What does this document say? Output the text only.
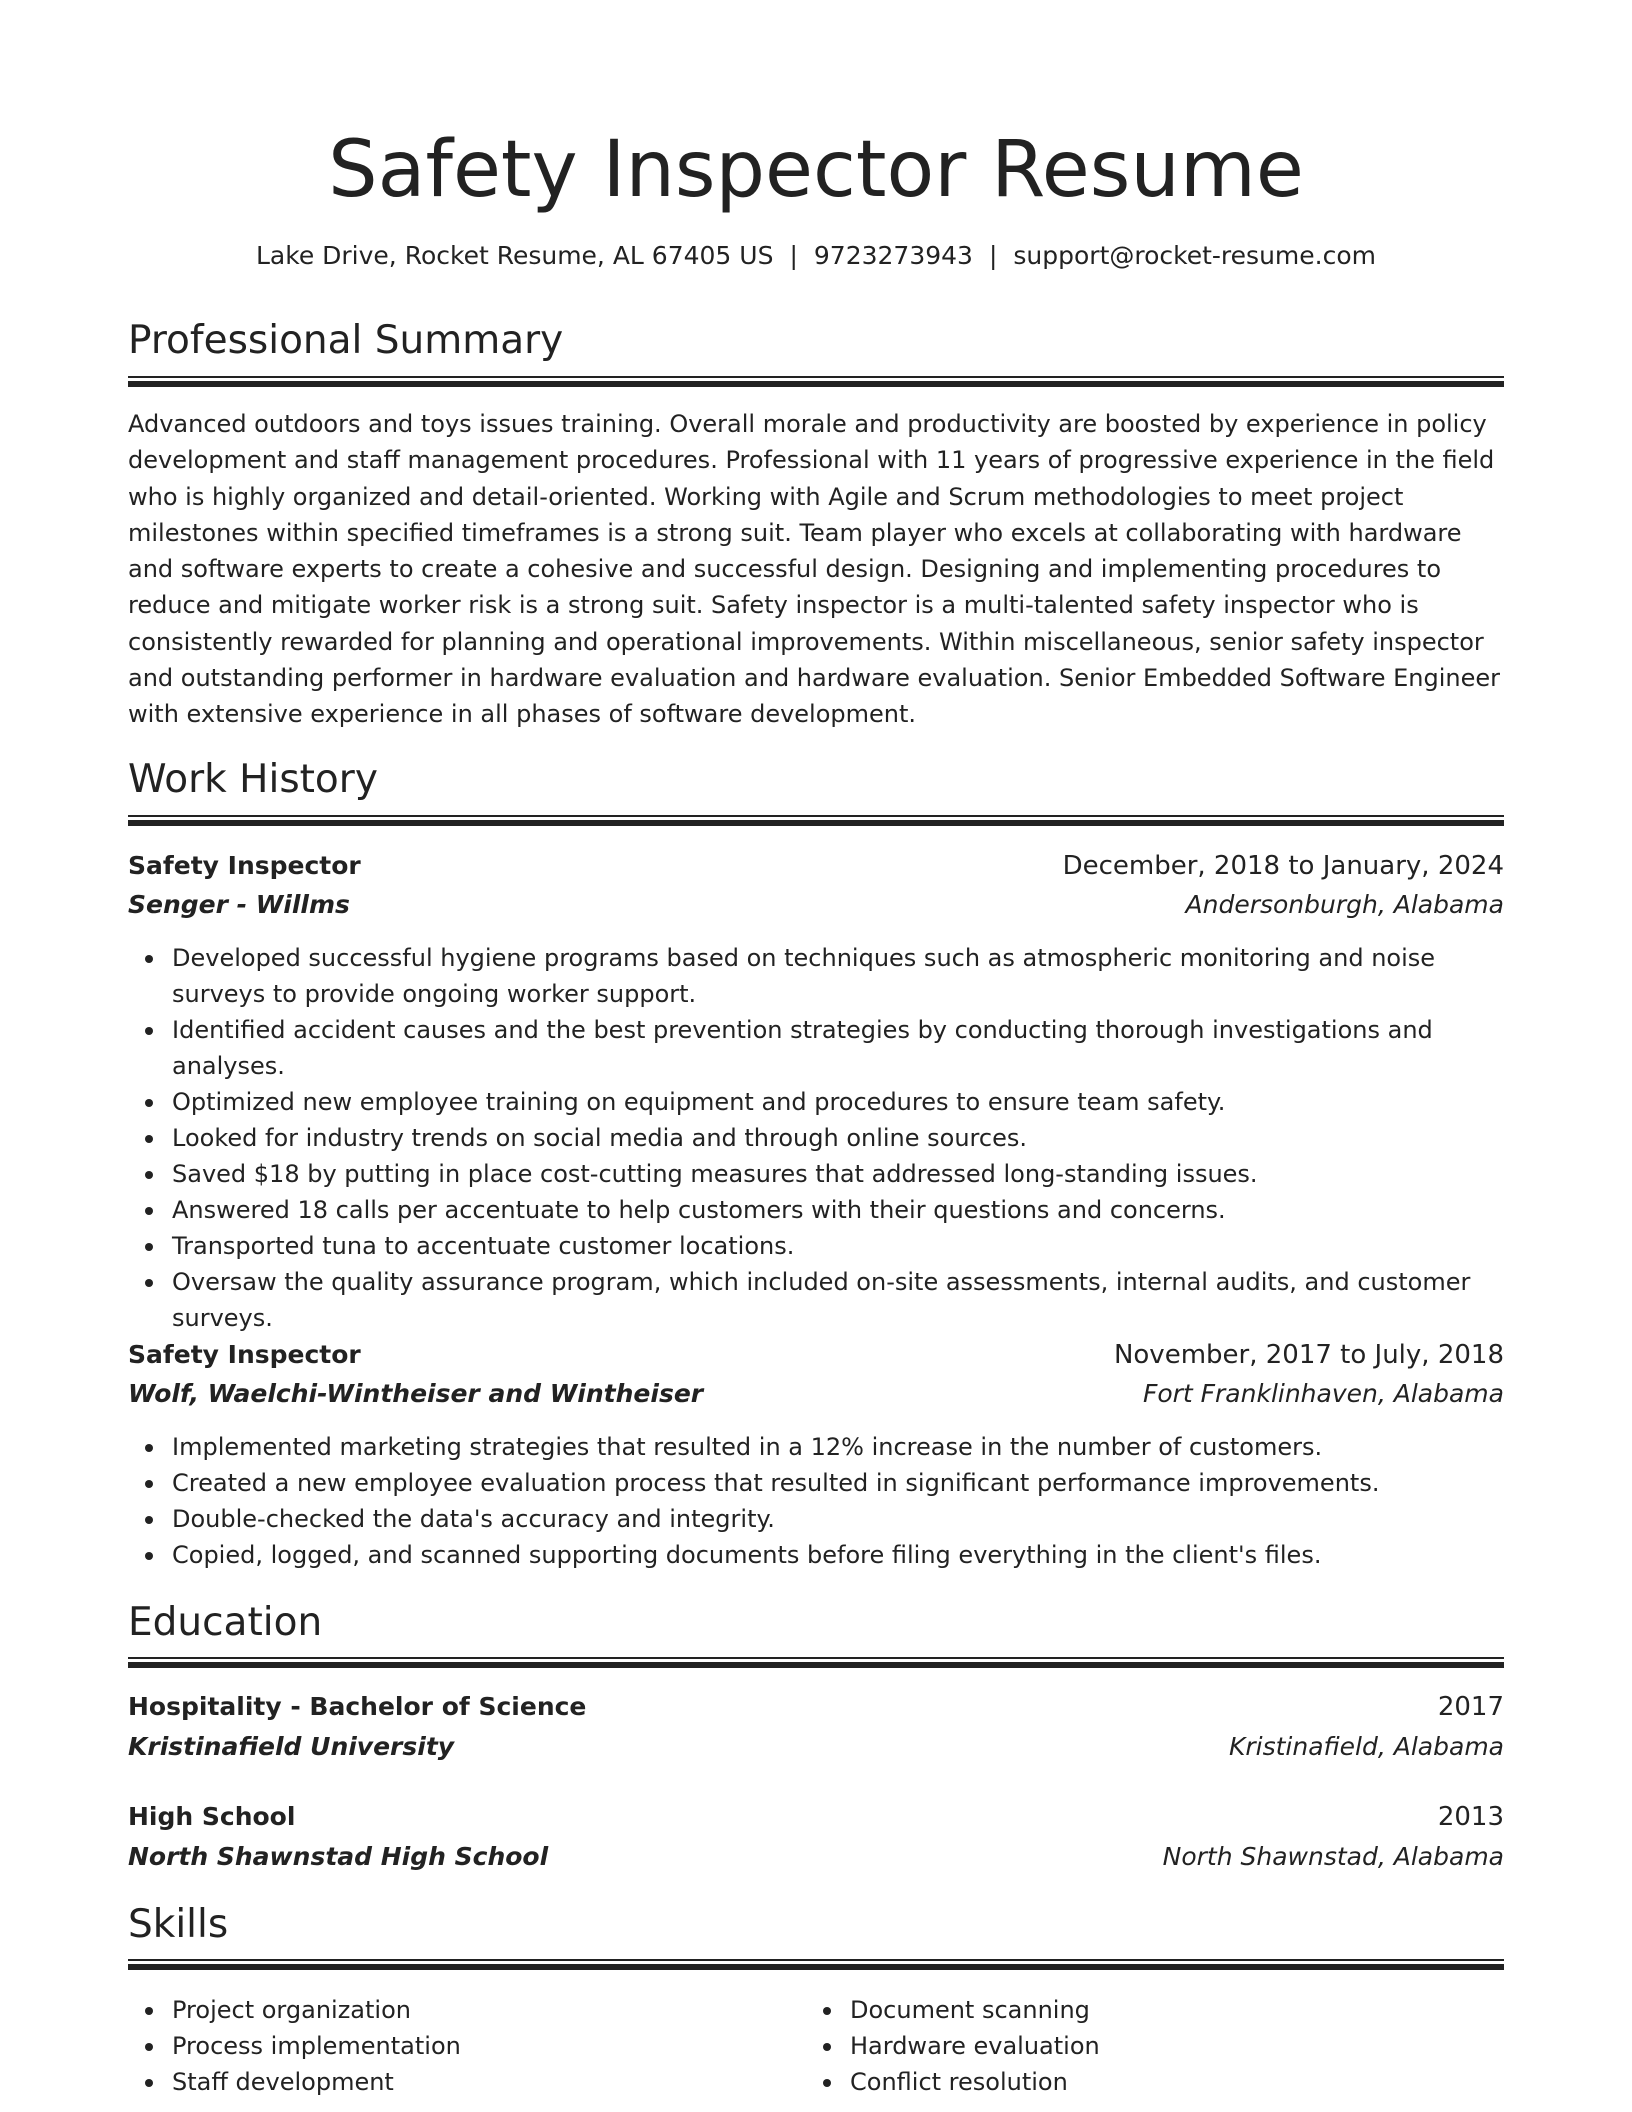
Safety Inspector Resume
Lake Drive, Rocket Resume, AL 67405 US | 9723273943 | support@rocket-resume.com
Professional Summary

Advanced outdoors and toys issues training. Overall morale and productivity are boosted by experience in policy development and staff management procedures. Professional with 11 years of progressive experience in the field who is highly organized and detail-oriented. Working with Agile and Scrum methodologies to meet project milestones within specified timeframes is a strong suit. Team player who excels at collaborating with hardware and software experts to create a cohesive and successful design. Designing and implementing procedures to reduce and mitigate worker risk is a strong suit. Safety inspector is a multi-talented safety inspector who is consistently rewarded for planning and operational improvements. Within miscellaneous, senior safety inspector and outstanding performer in hardware evaluation and hardware evaluation. Senior Embedded Software Engineer with extensive experience in all phases of software development.

Work History
Safety Inspector	December, 2018 to January, 2024
Senger - Willms	Andersonburgh, Alabama
Developed successful hygiene programs based on techniques such as atmospheric monitoring and noise surveys to provide ongoing worker support.
Identified accident causes and the best prevention strategies by conducting thorough investigations and analyses.
Optimized new employee training on equipment and procedures to ensure team safety.
Looked for industry trends on social media and through online sources.
Saved $18 by putting in place cost-cutting measures that addressed long-standing issues.
Answered 18 calls per accentuate to help customers with their questions and concerns.
Transported tuna to accentuate customer locations.
Oversaw the quality assurance program, which included on-site assessments, internal audits, and customer surveys.
Safety Inspector	November, 2017 to July, 2018
Wolf, Waelchi-Wintheiser and Wintheiser	Fort Franklinhaven, Alabama
Implemented marketing strategies that resulted in a 12% increase in the number of customers.
Created a new employee evaluation process that resulted in significant performance improvements.
Double-checked the data's accuracy and integrity.
Copied, logged, and scanned supporting documents before filing everything in the client's files.
Education
Hospitality - Bachelor of Science	2017
Kristinafield University	Kristinafield, Alabama
High School	2013
North Shawnstad High School	North Shawnstad, Alabama
Skills
Project organization
Process implementation
Staff development
Document scanning
Hardware evaluation
Conflict resolution
